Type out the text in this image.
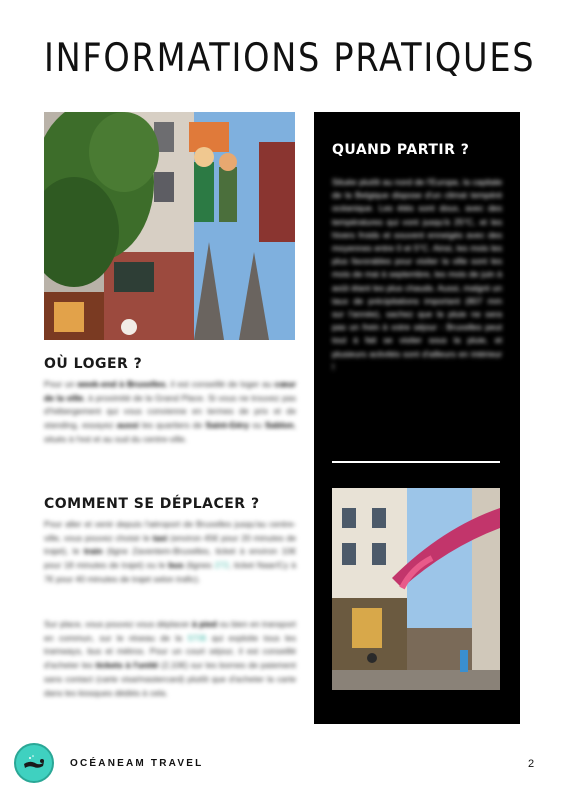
INFORMATIONS PRATIQUES
OÙ LOGER ?
Pour un week-end à Bruxelles, il est conseillé de loger au cœur de la ville, à proximité de la Grand Place. Si vous ne trouvez pas d'hébergement qui vous convienne en termes de prix et de standing, essayez aussi les quartiers de Saint-Géry ou Sablon, situés à l'est et au sud du centre-ville.
COMMENT SE DÉPLACER ?
Pour aller et venir depuis l'aéroport de Bruxelles jusqu'au centre-ville, vous pouvez choisir le taxi (environ 45€ pour 20 minutes de trajet), le train (ligne Zaventem-Bruxelles, ticket à environ 10€ pour 18 minutes de trajet) ou le bus (lignes 272, ticket Naar/Cy à 7€ pour 40 minutes de trajet selon trafic).
Sur place, vous pouvez vous déplacer à pied ou bien en transport en commun, sur le réseau de la STIB qui exploite tous les tramways, bus et métros. Pour un court séjour, il est conseillé d'acheter les tickets à l'unité (2,10€) sur les bornes de paiement sans contact (carte visa/mastercard) plutôt que d'acheter la carte dans les kiosques dédiés à cela.
QUAND PARTIR ?
Située plutôt au nord de l'Europe, la capitale de la Belgique dispose d'un climat tempéré océanique. Les étés sont doux, avec des températures qui vont jusqu'à 25°C, et les hivers froids et souvent enneigés avec des moyennes entre 0 et 5°C. Ainsi, les mois les plus favorables pour visiter la ville sont les mois de mai à septembre, les mois de juin à août étant les plus chauds. Aussi, malgré un taux de précipitations important (807 mm sur l'année), sachez que la pluie ne sera pas un frein à votre séjour : Bruxelles peut tout à fait se visiter sous la pluie, et plusieurs activités sont d'ailleurs en intérieur !
OCÉANEAM TRAVEL	2
